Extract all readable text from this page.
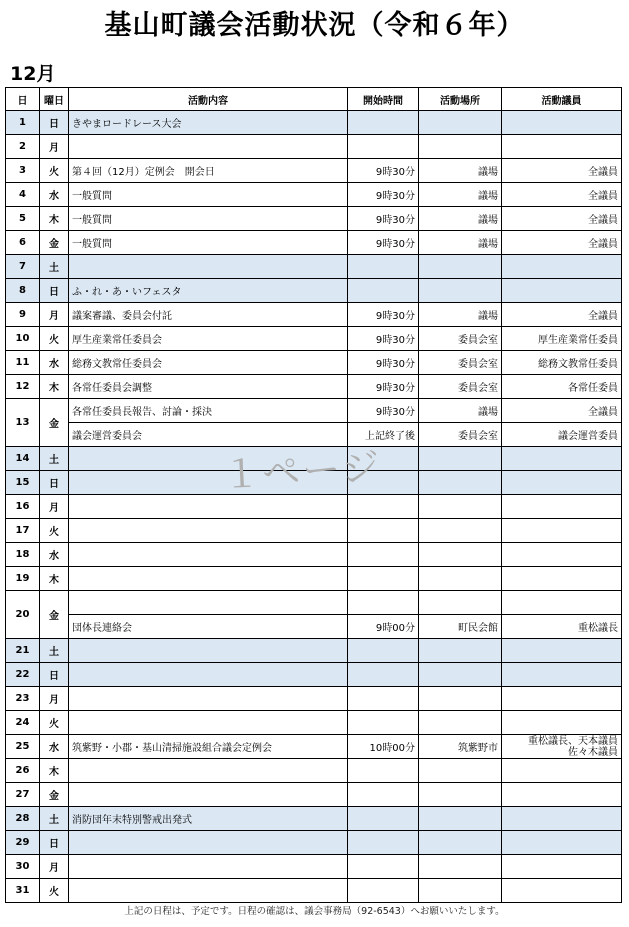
基山町議会活動状況（令和６年）
12月
日	曜日	活動内容	開始時間	活動場所	活動議員
1	日	きやまロードレース大会			
2	月				
3	火	第４回（12月）定例会　開会日	9時30分	議場	全議員
4	水	一般質問	9時30分	議場	全議員
5	木	一般質問	9時30分	議場	全議員
6	金	一般質問	9時30分	議場	全議員
7	土				
8	日	ふ・れ・あ・いフェスタ			
9	月	議案審議、委員会付託	9時30分	議場	全議員
10	火	厚生産業常任委員会	9時30分	委員会室	厚生産業常任委員
11	水	総務文教常任委員会	9時30分	委員会室	総務文教常任委員
12	木	各常任委員会調整	9時30分	委員会室	各常任委員
13	金	各常任委員長報告、討論・採決	9時30分	議場	全議員
		議会運営委員会	上記終了後	委員会室	議会運営委員
14	土				
15	日				
16	月				
17	火				
18	水				
19	木				
20	金				
		団体長連絡会	9時00分	町民会館	重松議長
21	土				
22	日				
23	月				
24	火				
25	水	筑紫野・小郡・基山清掃施設組合議会定例会	10時00分	筑紫野市	重松議長、天本議員
佐々木議員

26	木				
27	金				
28	土	消防団年末特別警戒出発式			
29	日				
30	月				
31	火				
１ページ
上記の日程は、予定です。日程の確認は、議会事務局（92-6543）へお願いいたします。
